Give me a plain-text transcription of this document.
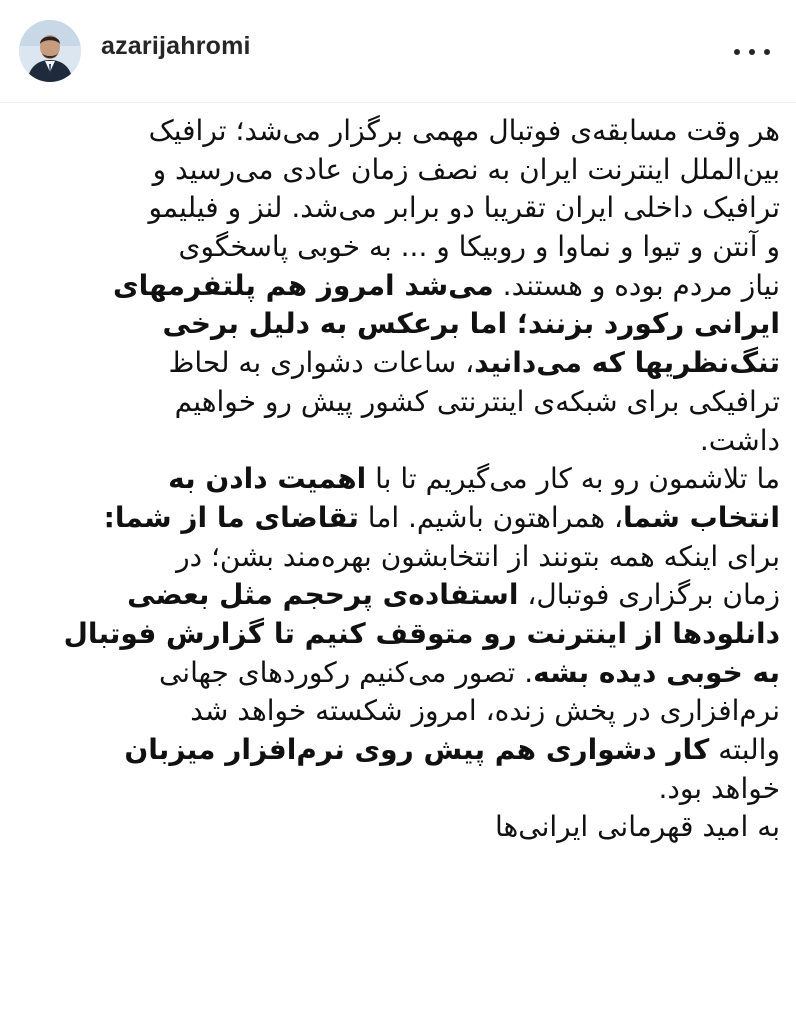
azarijahromi
هر وقت مسابقه‌ی فوتبال مهمی برگزار می‌شد؛ ترافیک
بین‌الملل اینترنت ایران به نصف زمان عادی می‌رسید و
ترافیک داخلی ایران تقریبا دو برابر می‌شد. لنز و فیلیمو
و آنتن و تیوا و نماوا و روبیکا و ... به خوبی پاسخگوی
نیاز مردم بوده و هستند. می‌شد امروز هم پلتفرمهای
ایرانی رکورد بزنند؛ اما برعکس به دلیل برخی
تنگ‌نظریها که می‌دانید، ساعات دشواری به لحاظ
ترافیکی برای شبکه‌ی اینترنتی کشور پیش رو خواهیم
داشت.
ما تلاشمون رو به کار می‌گیریم تا با اهمیت دادن به
انتخاب شما، همراهتون باشیم. اما تقاضای ما از شما:
برای اینکه همه بتونند از انتخابشون بهره‌مند بشن؛ در
زمان برگزاری فوتبال، استفاده‌ی پرحجم مثل بعضی
دانلودها از اینترنت رو متوقف کنیم تا گزارش فوتبال
به خوبی دیده بشه. تصور می‌کنیم رکوردهای جهانی
نرم‌افزاری در پخش زنده، امروز شکسته خواهد شد
والبته کار دشواری هم پیش روی نرم‌افزار میزبان
خواهد بود.
به امید قهرمانی ایرانی‌ها
